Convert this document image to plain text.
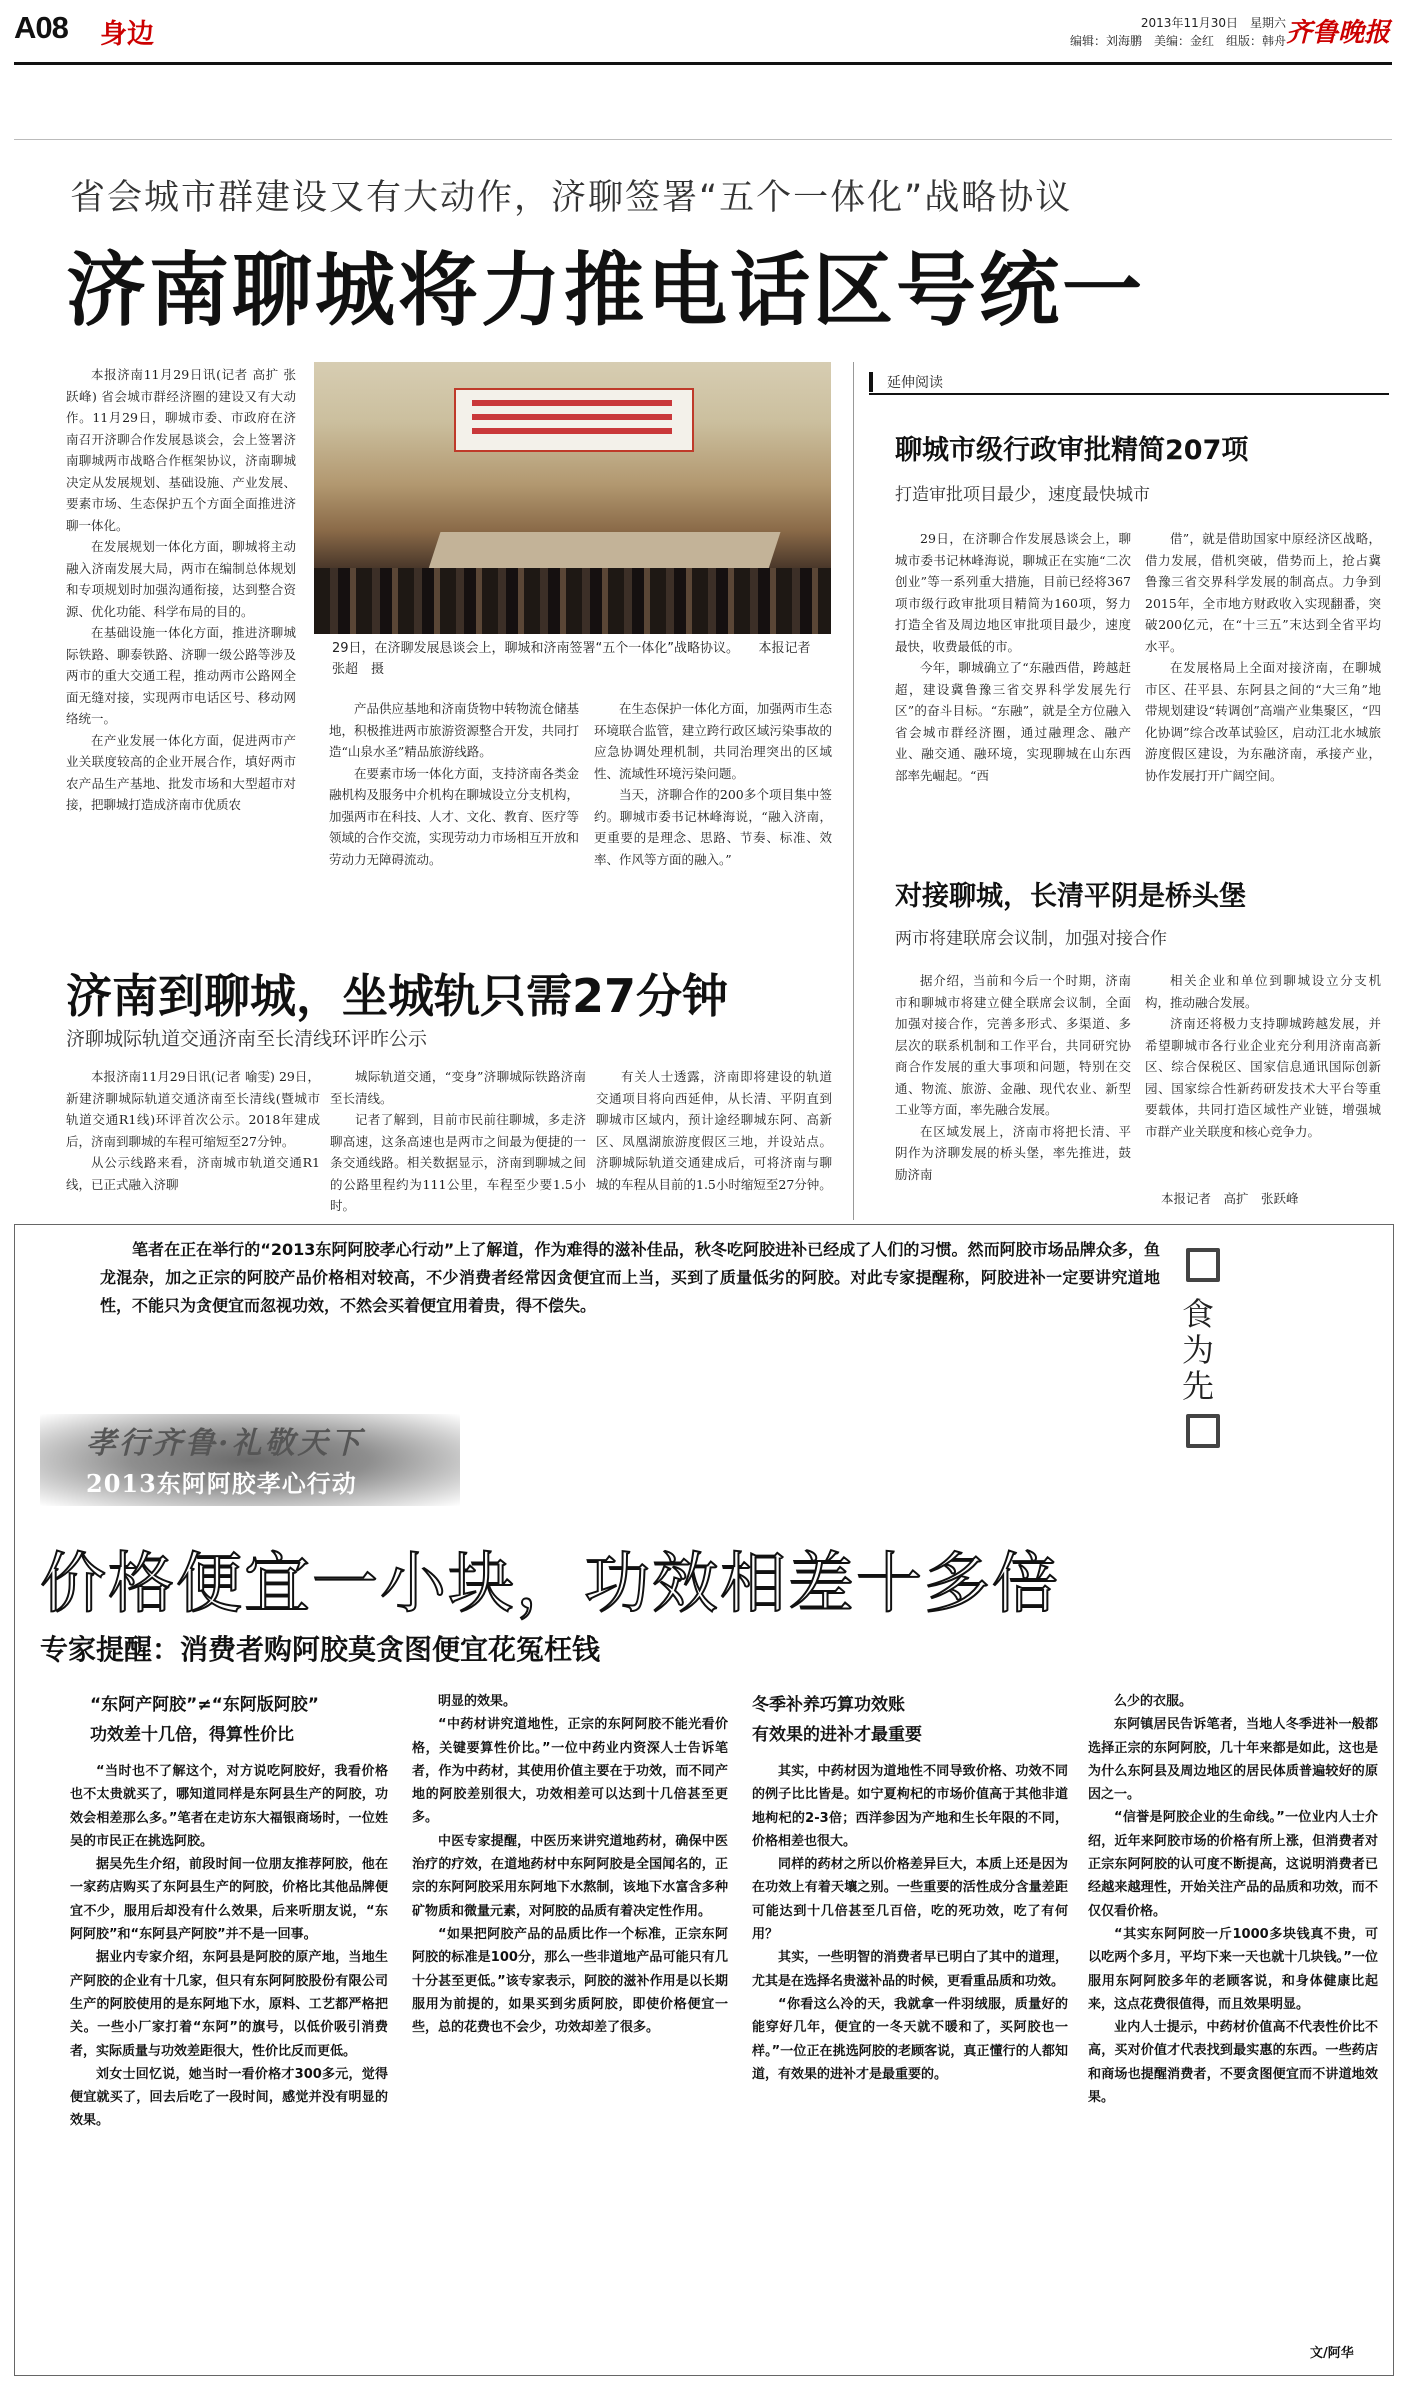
A08 身边	2013年11月30日　星期六
编辑：刘海鹏　美编：金红　组版：韩舟 齐鲁晚报
省会城市群建设又有大动作，济聊签署“五个一体化”战略协议
济南聊城将力推电话区号统一

本报济南11月29日讯(记者 高扩 张跃峰) 省会城市群经济圈的建设又有大动作。11月29日，聊城市委、市政府在济南召开济聊合作发展恳谈会，会上签署济南聊城两市战略合作框架协议，济南聊城决定从发展规划、基础设施、产业发展、要素市场、生态保护五个方面全面推进济聊一体化。

在发展规划一体化方面，聊城将主动融入济南发展大局，两市在编制总体规划和专项规划时加强沟通衔接，达到整合资源、优化功能、科学布局的目的。

在基础设施一体化方面，推进济聊城际铁路、聊泰铁路、济聊一级公路等涉及两市的重大交通工程，推动两市公路网全面无缝对接，实现两市电话区号、移动网络统一。

在产业发展一体化方面，促进两市产业关联度较高的企业开展合作，填好两市农产品生产基地、批发市场和大型超市对接，把聊城打造成济南市优质农

29日，在济聊发展恳谈会上，聊城和济南签署“五个一体化”战略协议。　　本报记者　张超　摄

产品供应基地和济南货物中转物流仓储基地，积极推进两市旅游资源整合开发，共同打造“山泉水圣”精品旅游线路。

在要素市场一体化方面，支持济南各类金融机构及服务中介机构在聊城设立分支机构，加强两市在科技、人才、文化、教育、医疗等领域的合作交流，实现劳动力市场相互开放和劳动力无障碍流动。

在生态保护一体化方面，加强两市生态环境联合监管，建立跨行政区域污染事故的应急协调处理机制，共同治理突出的区域性、流域性环境污染问题。

当天，济聊合作的200多个项目集中签约。聊城市委书记林峰海说，“融入济南，更重要的是理念、思路、节奏、标准、效率、作风等方面的融入。”

延伸阅读
聊城市级行政审批精简207项
打造审批项目最少，速度最快城市

29日，在济聊合作发展恳谈会上，聊城市委书记林峰海说，聊城正在实施“二次创业”等一系列重大措施，目前已经将367项市级行政审批项目精简为160项，努力打造全省及周边地区审批项目最少，速度最快，收费最低的市。

今年，聊城确立了“东融西借，跨越赶超，建设冀鲁豫三省交界科学发展先行区”的奋斗目标。“东融”，就是全方位融入省会城市群经济圈，通过融理念、融产业、融交通、融环境，实现聊城在山东西部率先崛起。“西

借”，就是借助国家中原经济区战略，借力发展，借机突破，借势而上，抢占冀鲁豫三省交界科学发展的制高点。力争到2015年，全市地方财政收入实现翻番，突破200亿元，在“十三五”末达到全省平均水平。

在发展格局上全面对接济南，在聊城市区、茌平县、东阿县之间的“大三角”地带规划建设“转调创”高端产业集聚区，“四化协调”综合改革试验区，启动江北水城旅游度假区建设，为东融济南，承接产业，协作发展打开广阔空间。

对接聊城，长清平阴是桥头堡
两市将建联席会议制，加强对接合作

据介绍，当前和今后一个时期，济南市和聊城市将建立健全联席会议制，全面加强对接合作，完善多形式、多渠道、多层次的联系机制和工作平台，共同研究协商合作发展的重大事项和问题，特别在交通、物流、旅游、金融、现代农业、新型工业等方面，率先融合发展。

在区域发展上，济南市将把长清、平阴作为济聊发展的桥头堡，率先推进，鼓励济南

相关企业和单位到聊城设立分支机构，推动融合发展。

济南还将极力支持聊城跨越发展，并希望聊城市各行业企业充分利用济南高新区、综合保税区、国家信息通讯国际创新园、国家综合性新药研发技术大平台等重要载体，共同打造区域性产业链，增强城市群产业关联度和核心竞争力。

本报记者　高扩　张跃峰
济南到聊城，坐城轨只需27分钟
济聊城际轨道交通济南至长清线环评昨公示

本报济南11月29日讯(记者 喻雯) 29日，新建济聊城际轨道交通济南至长清线(暨城市轨道交通R1线)环评首次公示。2018年建成后，济南到聊城的车程可缩短至27分钟。

从公示线路来看，济南城市轨道交通R1线，已正式融入济聊

城际轨道交通，“变身”济聊城际铁路济南至长清线。

记者了解到，目前市民前往聊城，多走济聊高速，这条高速也是两市之间最为便捷的一条交通线路。相关数据显示，济南到聊城之间的公路里程约为111公里，车程至少要1.5小时。

有关人士透露，济南即将建设的轨道交通项目将向西延伸，从长清、平阴直到聊城市区域内，预计途经聊城东阿、高新区、凤凰湖旅游度假区三地，并设站点。济聊城际轨道交通建成后，可将济南与聊城的车程从目前的1.5小时缩短至27分钟。

笔者在正在举行的“2013东阿阿胶孝心行动”上了解道，作为难得的滋补佳品，秋冬吃阿胶进补已经成了人们的习惯。然而阿胶市场品牌众多，鱼龙混杂，加之正宗的阿胶产品价格相对较高，不少消费者经常因贪便宜而上当，买到了质量低劣的阿胶。对此专家提醒称，阿胶进补一定要讲究道地性，不能只为贪便宜而忽视功效，不然会买着便宜用着贵，得不偿失。	食为先
孝行齐鲁·礼敬天下
2013东阿阿胶孝心行动
价格便宜一小块，功效相差十多倍
专家提醒：消费者购阿胶莫贪图便宜花冤枉钱
“东阿产阿胶”≠“东阿版阿胶”
功效差十几倍，得算性价比

“当时也不了解这个，对方说吃阿胶好，我看价格也不太贵就买了，哪知道同样是东阿县生产的阿胶，功效会相差那么多。”笔者在走访东大福银商场时，一位姓吴的市民正在挑选阿胶。

据吴先生介绍，前段时间一位朋友推荐阿胶，他在一家药店购买了东阿县生产的阿胶，价格比其他品牌便宜不少，服用后却没有什么效果，后来听朋友说，“东阿阿胶”和“东阿县产阿胶”并不是一回事。

据业内专家介绍，东阿县是阿胶的原产地，当地生产阿胶的企业有十几家，但只有东阿阿胶股份有限公司生产的阿胶使用的是东阿地下水，原料、工艺都严格把关。一些小厂家打着“东阿”的旗号，以低价吸引消费者，实际质量与功效差距很大，性价比反而更低。

刘女士回忆说，她当时一看价格才300多元，觉得便宜就买了，回去后吃了一段时间，感觉并没有明显的效果。

明显的效果。

“中药材讲究道地性，正宗的东阿阿胶不能光看价格，关键要算性价比。”一位中药业内资深人士告诉笔者，作为中药材，其使用价值主要在于功效，而不同产地的阿胶差别很大，功效相差可以达到十几倍甚至更多。

中医专家提醒，中医历来讲究道地药材，确保中医治疗的疗效，在道地药材中东阿阿胶是全国闻名的，正宗的东阿阿胶采用东阿地下水熬制，该地下水富含多种矿物质和微量元素，对阿胶的品质有着决定性作用。

“如果把阿胶产品的品质比作一个标准，正宗东阿阿胶的标准是100分，那么一些非道地产品可能只有几十分甚至更低。”该专家表示，阿胶的滋补作用是以长期服用为前提的，如果买到劣质阿胶，即使价格便宜一些，总的花费也不会少，功效却差了很多。

冬季补养巧算功效账
有效果的进补才最重要

其实，中药材因为道地性不同导致价格、功效不同的例子比比皆是。如宁夏枸杞的市场价值高于其他非道地枸杞的2-3倍；西洋参因为产地和生长年限的不同，价格相差也很大。

同样的药材之所以价格差异巨大，本质上还是因为在功效上有着天壤之别。一些重要的活性成分含量差距可能达到十几倍甚至几百倍，吃的死功效，吃了有何用？

其实，一些明智的消费者早已明白了其中的道理，尤其是在选择名贵滋补品的时候，更看重品质和功效。

“你看这么冷的天，我就拿一件羽绒服，质量好的能穿好几年，便宜的一冬天就不暖和了，买阿胶也一样。”一位正在挑选阿胶的老顾客说，真正懂行的人都知道，有效果的进补才是最重要的。

么少的衣服。

东阿镇居民告诉笔者，当地人冬季进补一般都选择正宗的东阿阿胶，几十年来都是如此，这也是为什么东阿县及周边地区的居民体质普遍较好的原因之一。

“信誉是阿胶企业的生命线。”一位业内人士介绍，近年来阿胶市场的价格有所上涨，但消费者对正宗东阿阿胶的认可度不断提高，这说明消费者已经越来越理性，开始关注产品的品质和功效，而不仅仅看价格。

“其实东阿阿胶一斤1000多块钱真不贵，可以吃两个多月，平均下来一天也就十几块钱。”一位服用东阿阿胶多年的老顾客说，和身体健康比起来，这点花费很值得，而且效果明显。

业内人士提示，中药材价值高不代表性价比不高，买对价值才代表找到最实惠的东西。一些药店和商场也提醒消费者，不要贪图便宜而不讲道地效果。

文/阿华
